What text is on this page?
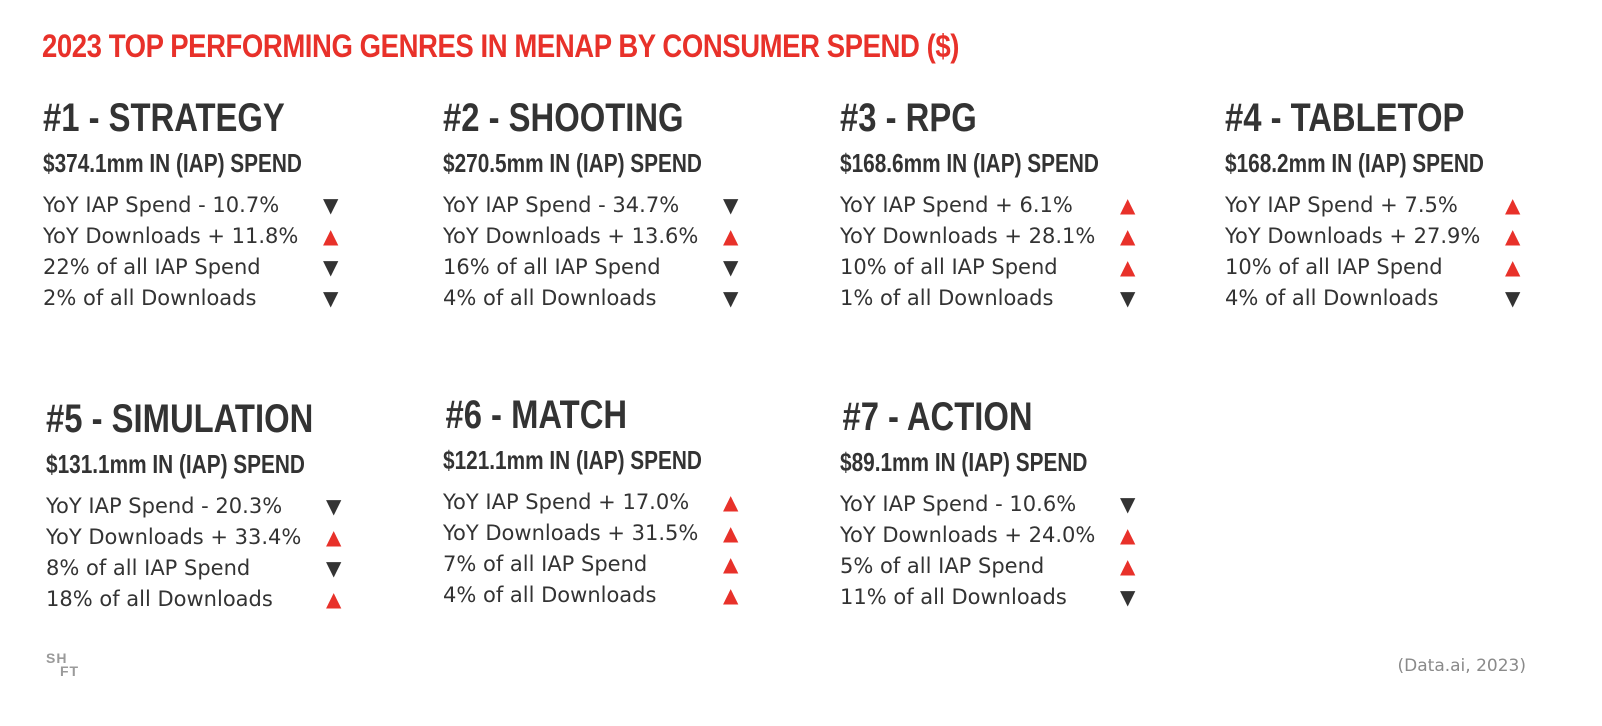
2023 TOP PERFORMING GENRES IN MENAP BY CONSUMER SPEND ($)
#1 - STRATEGY
$374.1mm IN (IAP) SPEND
YoY IAP Spend - 10.7% ▼
YoY Downloads + 11.8% ▲
22% of all IAP Spend	▼
2% of all Downloads	▼
#2 - SHOOTING
$270.5mm IN (IAP) SPEND
YoY IAP Spend - 34.7% ▼
YoY Downloads + 13.6% ▲
16% of all IAP Spend	▼
4% of all Downloads	▼
#3 - RPG
$168.6mm IN (IAP) SPEND
YoY IAP Spend + 6.1% ▲
YoY Downloads + 28.1% ▲
10% of all IAP Spend	▲
1% of all Downloads	▼
#4 - TABLETOP
$168.2mm IN (IAP) SPEND
YoY IAP Spend + 7.5% ▲
YoY Downloads + 27.9% ▲
10% of all IAP Spend	▲
4% of all Downloads	▼
#5 - SIMULATION
$131.1mm IN (IAP) SPEND
YoY IAP Spend - 20.3% ▼
YoY Downloads + 33.4% ▲
8% of all IAP Spend	▼
18% of all Downloads	▲
#6 - MATCH
$121.1mm IN (IAP) SPEND
YoY IAP Spend + 17.0% ▲
YoY Downloads + 31.5% ▲
7% of all IAP Spend	▲
4% of all Downloads	▲
#7 - ACTION
$89.1mm IN (IAP) SPEND
YoY IAP Spend - 10.6% ▼
YoY Downloads + 24.0% ▲
5% of all IAP Spend	▲
11% of all Downloads	▼
SH
FT	(Data.ai, 2023)
